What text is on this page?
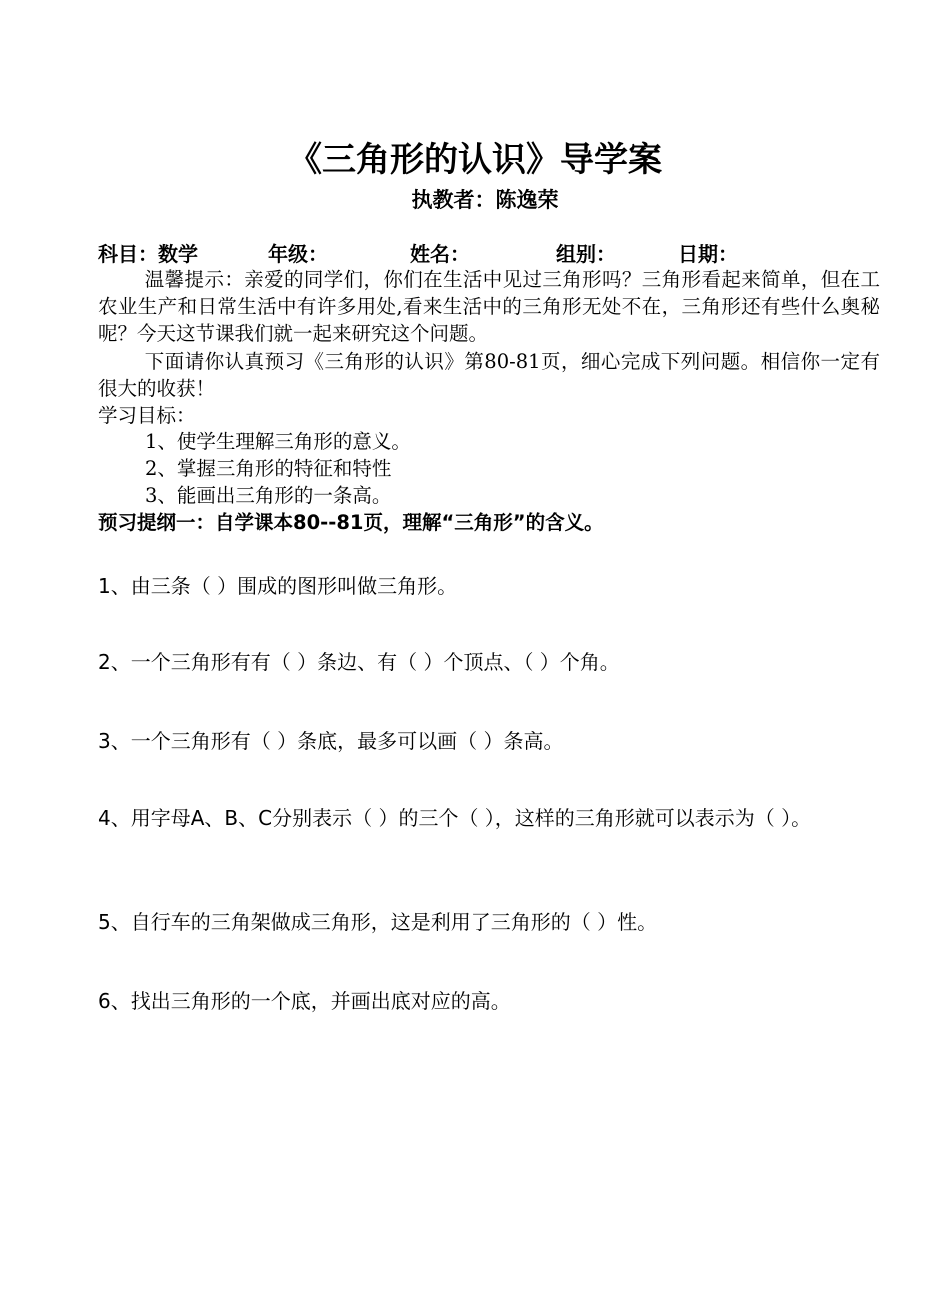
《三角形的认识》导学案
执教者：陈逸荣
科目：数学	年级：	姓名：	组别：	日期：
温馨提示：亲爱的同学们，你们在生活中见过三角形吗？三角形看起来简单，但在工农业生产和日常生活中有许多用处,看来生活中的三角形无处不在，三角形还有些什么奥秘呢？今天这节课我们就一起来研究这个问题。
下面请你认真预习《三角形的认识》第80-81页，细心完成下列问题。相信你一定有很大的收获！
学习目标：
1、使学生理解三角形的意义。
2、掌握三角形的特征和特性
3、能画出三角形的一条高。
预习提纲一：自学课本80--81页，理解“三角形”的含义。
1、由三条（ ）围成的图形叫做三角形。
2、一个三角形有有（ ）条边、有（ ）个顶点、（ ）个角。
3、一个三角形有（ ）条底，最多可以画（ ）条高。
4、用字母A、B、C分别表示（ ）的三个（ ），这样的三角形就可以表示为（ ）。
5、自行车的三角架做成三角形，这是利用了三角形的（ ）性。
6、找出三角形的一个底，并画出底对应的高。
